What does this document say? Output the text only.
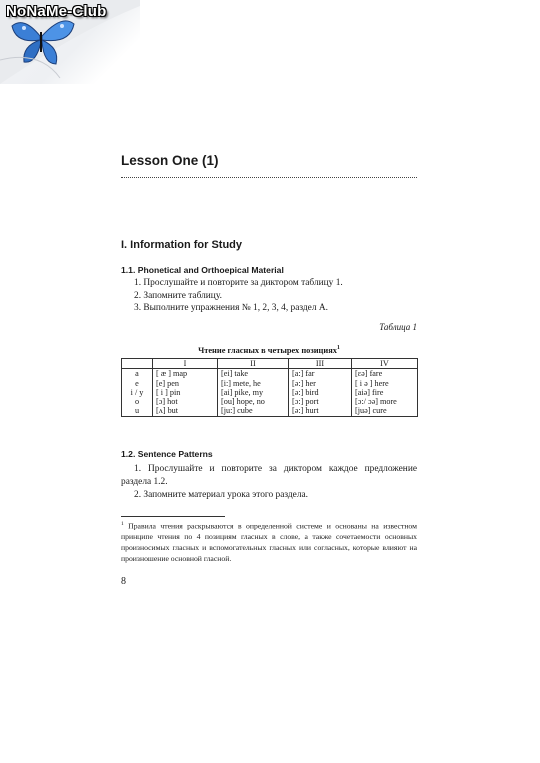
NoNaMe-Club
Lesson One (1)
I. Information for Study
1.1. Phonetical and Orthoepical Material
1. Прослушайте и повторите за диктором таблицу 1.
2. Запомните таблицу.
3. Выполните упражнения № 1, 2, 3, 4, раздел А.
Таблица 1
Чтение гласных в четырех позициях$^1$
	I	II	III	IV
a	[ æ ] map	[ei] take	[a:] far	[ɛə] fare
e	[e] pen	[i:] mete, he	[ə:] her	[ i ə ] here
i / y	[ i ] pin	[ai] pike, my	[ə:] bird	[aiə] fire
o	[ɔ] hot	[ou] hope, no	[ɔ:] port	[ɔ:/ ɔə] more
u	[ʌ] but	[ju:] cube	[ə:] hurt	[juə] cure
1.2. Sentence Patterns
1. Прослушайте и повторите за диктором каждое предложение раздела 1.2.
2. Запомните материал урока этого раздела.
$^1$ Правила чтения раскрываются в определенной системе и основаны на известном принципе чтения по 4 позициям гласных в слове, а также сочетаемости основных произносимых гласных и вспомогательных гласных или согласных, которые влияют на произношение основной гласной.
8
